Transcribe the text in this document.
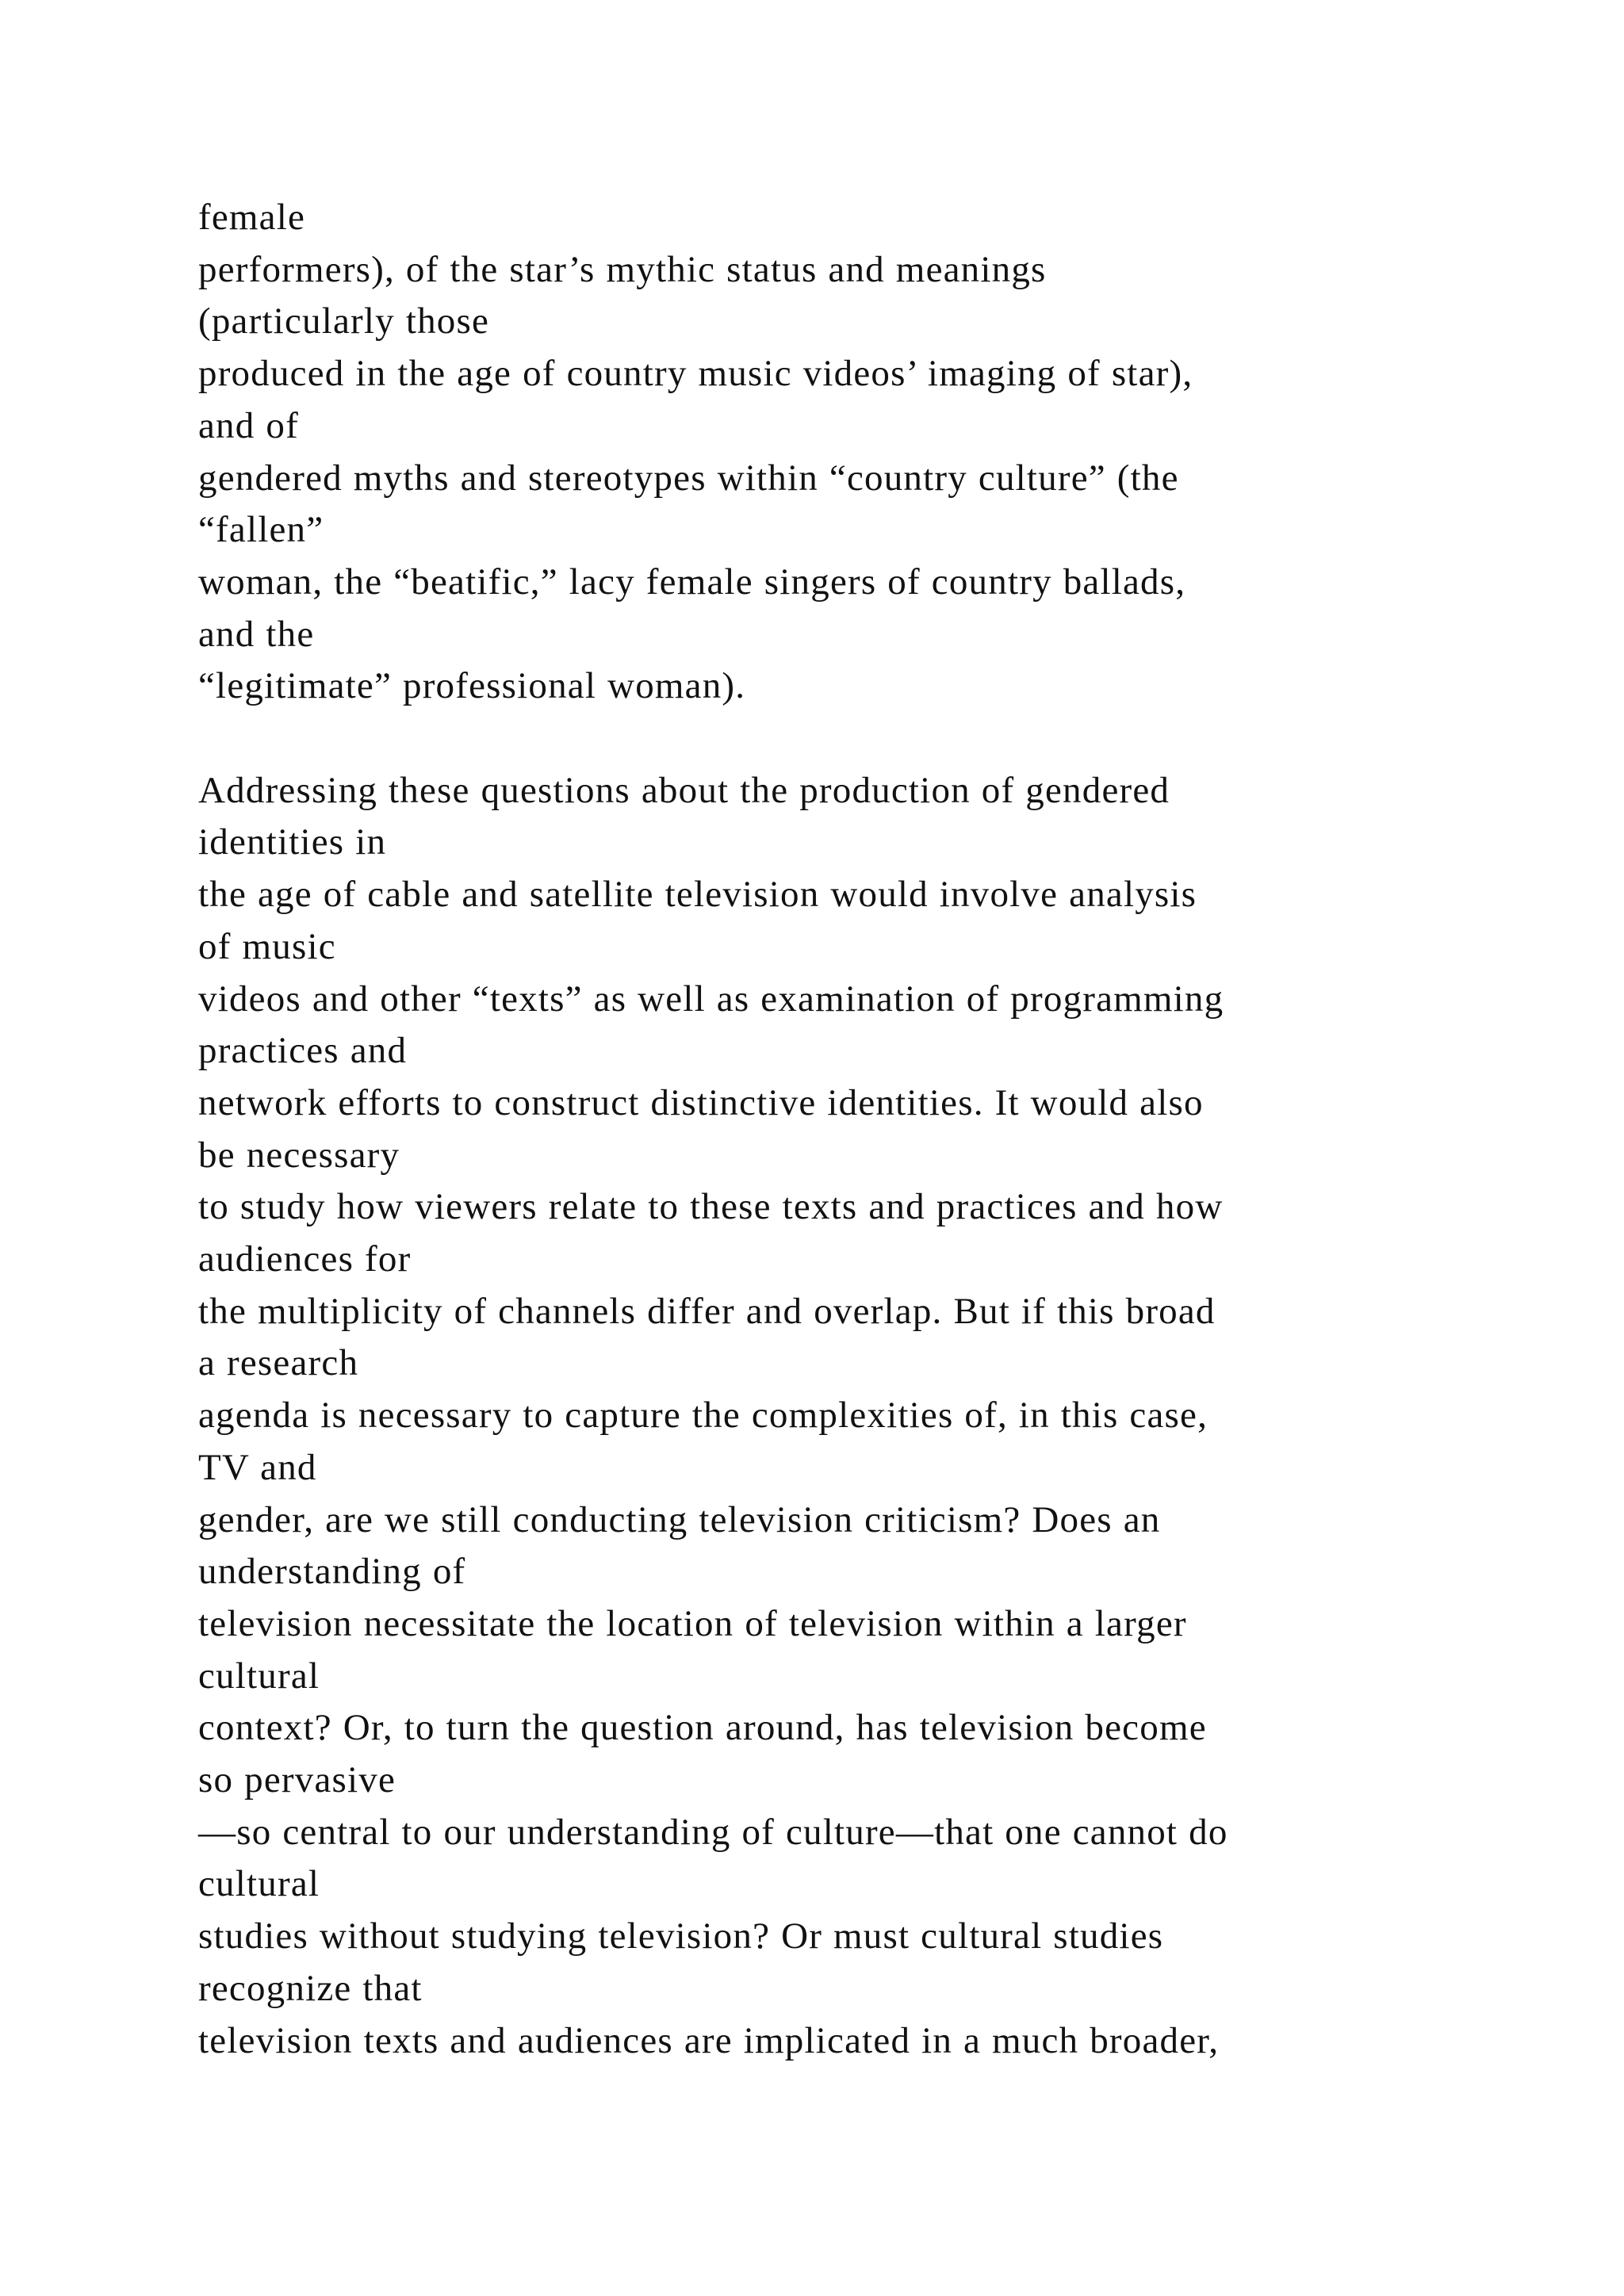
female
performers), of the star’s mythic status and meanings
(particularly those
produced in the age of country music videos’ imaging of star),
and of
gendered myths and stereotypes within “country culture” (the
“fallen”
woman, the “beatific,” lacy female singers of country ballads,
and the
“legitimate” professional woman).
Addressing these questions about the production of gendered
identities in
the age of cable and satellite television would involve analysis
of music
videos and other “texts” as well as examination of programming
practices and
network efforts to construct distinctive identities. It would also
be necessary
to study how viewers relate to these texts and practices and how
audiences for
the multiplicity of channels differ and overlap. But if this broad
a research
agenda is necessary to capture the complexities of, in this case,
TV and
gender, are we still conducting television criticism? Does an
understanding of
television necessitate the location of television within a larger
cultural
context? Or, to turn the question around, has television become
so pervasive
—so central to our understanding of culture—that one cannot do
cultural
studies without studying television? Or must cultural studies
recognize that
television texts and audiences are implicated in a much broader,
